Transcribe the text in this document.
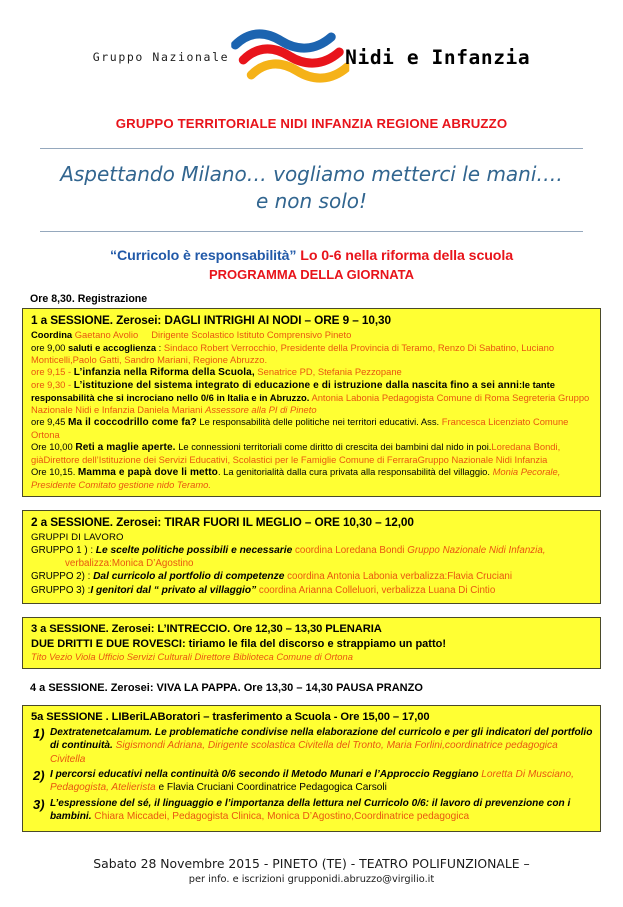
Gruppo Nazionale	Nidi e Infanzia
GRUPPO TERRITORIALE NIDI INFANZIA REGIONE ABRUZZO
Aspettando Milano… vogliamo metterci le mani….
e non solo!
“Curricolo è responsabilità” Lo 0-6 nella riforma della scuola
PROGRAMMA DELLA GIORNATA
Ore 8,30. Registrazione

1 a SESSIONE. Zerosei: DAGLI INTRIGHI AI NODI – ORE 9 – 10,30

Coordina Gaetano Avolio Dirigente Scolastico Istituto Comprensivo Pineto

ore 9,00 saluti e accoglienza : Sindaco Robert Verrocchio, Presidente della Provincia di Teramo, Renzo Di Sabatino, Luciano Monticelli,Paolo Gatti, Sandro Mariani, Regione Abruzzo.

ore 9,15 - L’infanzia nella Riforma della Scuola, Senatrice PD, Stefania Pezzopane

ore 9,30 - L’istituzione del sistema integrato di educazione e di istruzione dalla nascita fino a sei anni:le tante responsabilità che si incrociano nello 0/6 in Italia e in Abruzzo. Antonia Labonia Pedagogista Comune di Roma Segreteria Gruppo Nazionale Nidi e Infanzia Daniela Mariani Assessore alla PI di Pineto

ore 9,45 Ma il coccodrillo come fa? Le responsabilità delle politiche nei territori educativi. Ass. Francesca Licenziato Comune Ortona

Ore 10,00 Reti a maglie aperte. Le connessioni territoriali come diritto di crescita dei bambini dal nido in poi.Loredana Bondi, giàDirettore dell’Istituzione dei Servizi Educativi, Scolastici per le Famiglie Comune di FerraraGruppo Nazionale Nidi Infanzia

Ore 10,15. Mamma e papà dove li metto. La genitorialità dalla cura privata alla responsabilità del villaggio. Monia Pecorale, Presidente Comitato gestione nido Teramo.

2 a SESSIONE. Zerosei: TIRAR FUORI IL MEGLIO – ORE 10,30 – 12,00

GRUPPI DI LAVORO

GRUPPO 1 ) : Le scelte politiche possibili e necessarie coordina Loredana Bondi Gruppo Nazionale Nidi Infanzia,

verbalizza:Monica D’Agostino

GRUPPO 2) : Dal curricolo al portfolio di competenze coordina Antonia Labonia verbalizza:Flavia Cruciani

GRUPPO 3) :I genitori dal “ privato al villaggio” coordina Arianna Colleluori, verbalizza Luana Di Cintio

3 a SESSIONE. Zerosei: L’INTRECCIO. Ore 12,30 – 13,30 PLENARIA

DUE DRITTI E DUE ROVESCI: tiriamo le fila del discorso e strappiamo un patto!

Tito Vezio Viola Ufficio Servizi Culturali Direttore Biblioteca Comune di Ortona

4 a SESSIONE. Zerosei: VIVA LA PAPPA. Ore 13,30 – 14,30 PAUSA PRANZO

5a SESSIONE . LIBeriLABoratori – trasferimento a Scuola - Ore 15,00 – 17,00

1) Dextratenetcalamum. Le problematiche condivise nella elaborazione del curricolo e per gli indicatori del portfolio di continuità. Sigismondi Adriana, Dirigente scolastica Civitella del Tronto, Maria Forlini,coordinatrice pedagogica Civitella
2) I percorsi educativi nella continuità 0/6 secondo il Metodo Munari e l’Approccio Reggiano Loretta Di Musciano, Pedagogista, Atelierista e Flavia Cruciani Coordinatrice Pedagogica Carsoli
3) L’espressione del sé, il linguaggio e l’importanza della lettura nel Curricolo 0/6: il lavoro di prevenzione con i bambini. Chiara Miccadei, Pedagogista Clinica, Monica D’Agostino,Coordinatrice pedagogica
Sabato 28 Novembre 2015 - PINETO (TE) - TEATRO POLIFUNZIONALE –
per info. e iscrizioni grupponidi.abruzzo@virgilio.it
